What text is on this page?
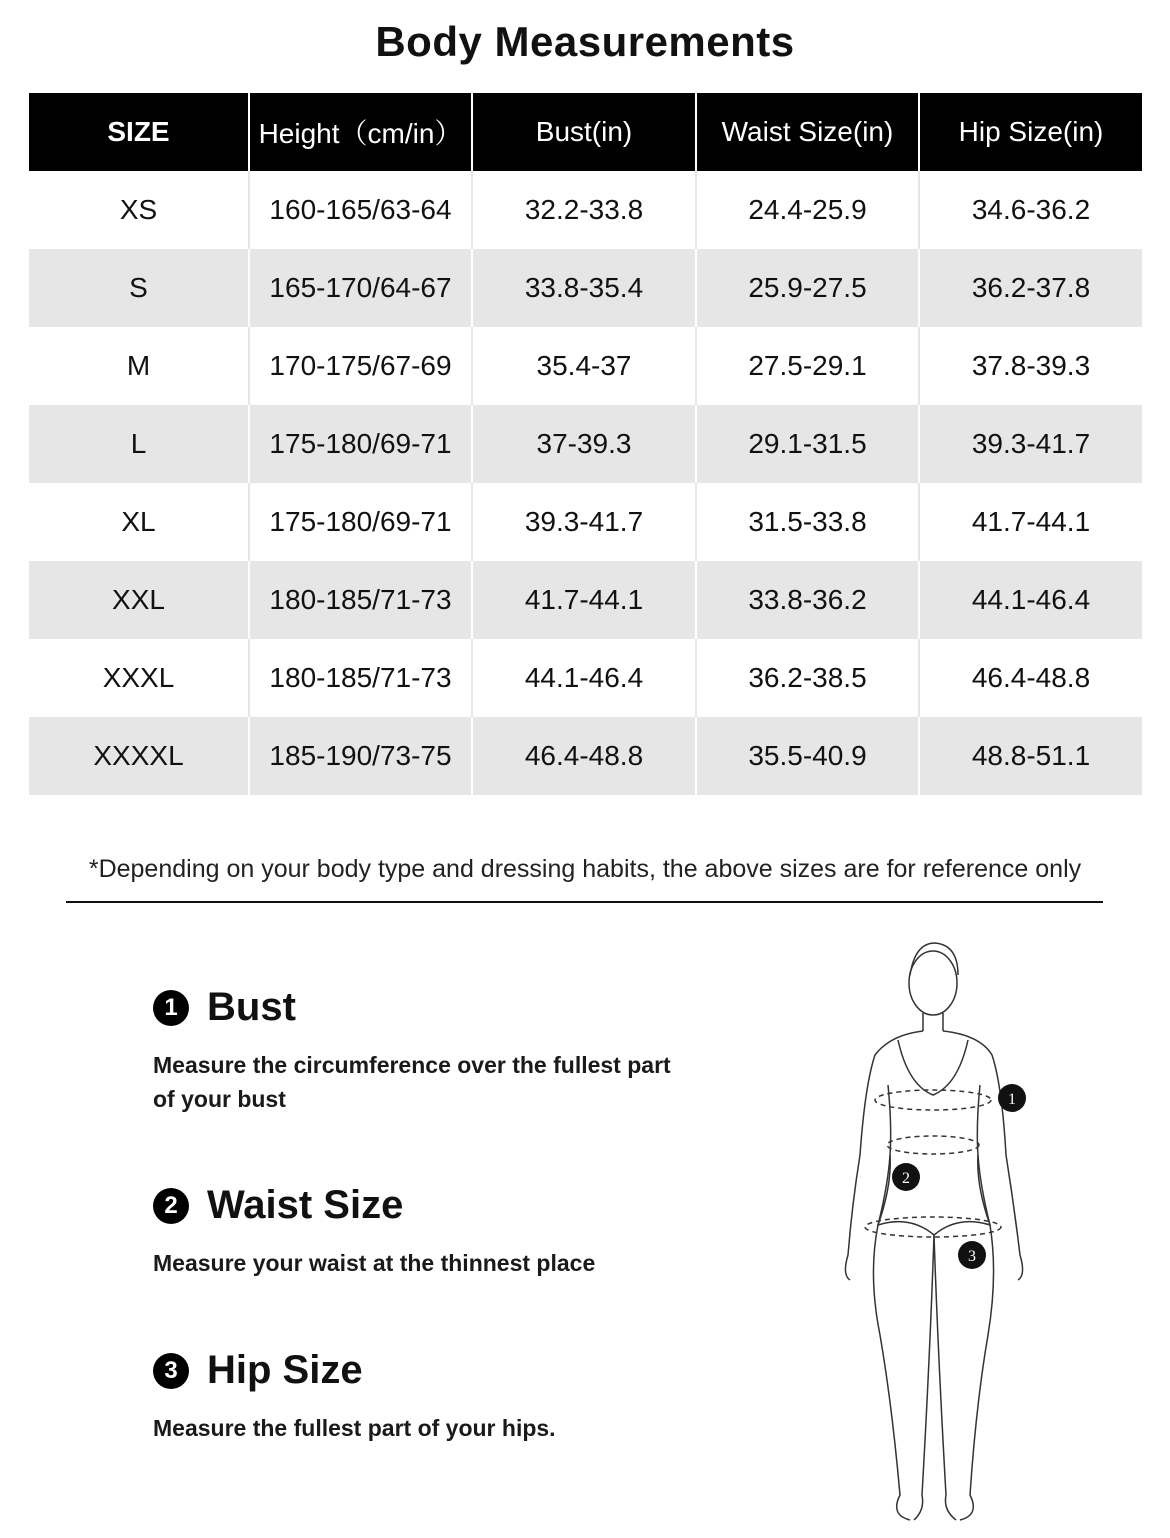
Body Measurements
SIZE	Height（cm/in）	Bust(in)	Waist Size(in)	Hip Size(in)
XS	160-165/63-64	32.2-33.8	24.4-25.9	34.6-36.2
S	165-170/64-67	33.8-35.4	25.9-27.5	36.2-37.8
M	170-175/67-69	35.4-37	27.5-29.1	37.8-39.3
L	175-180/69-71	37-39.3	29.1-31.5	39.3-41.7
XL	175-180/69-71	39.3-41.7	31.5-33.8	41.7-44.1
XXL	180-185/71-73	41.7-44.1	33.8-36.2	44.1-46.4
XXXL	180-185/71-73	44.1-46.4	36.2-38.5	46.4-48.8
XXXXL	185-190/73-75	46.4-48.8	35.5-40.9	48.8-51.1
*Depending on your body type and dressing habits, the above sizes are for reference only
1 Bust
Measure the circumference over the fullest part of your bust
2 Waist Size
Measure your waist at the thinnest place
3 Hip Size
Measure the fullest part of your hips.
1
2
3
